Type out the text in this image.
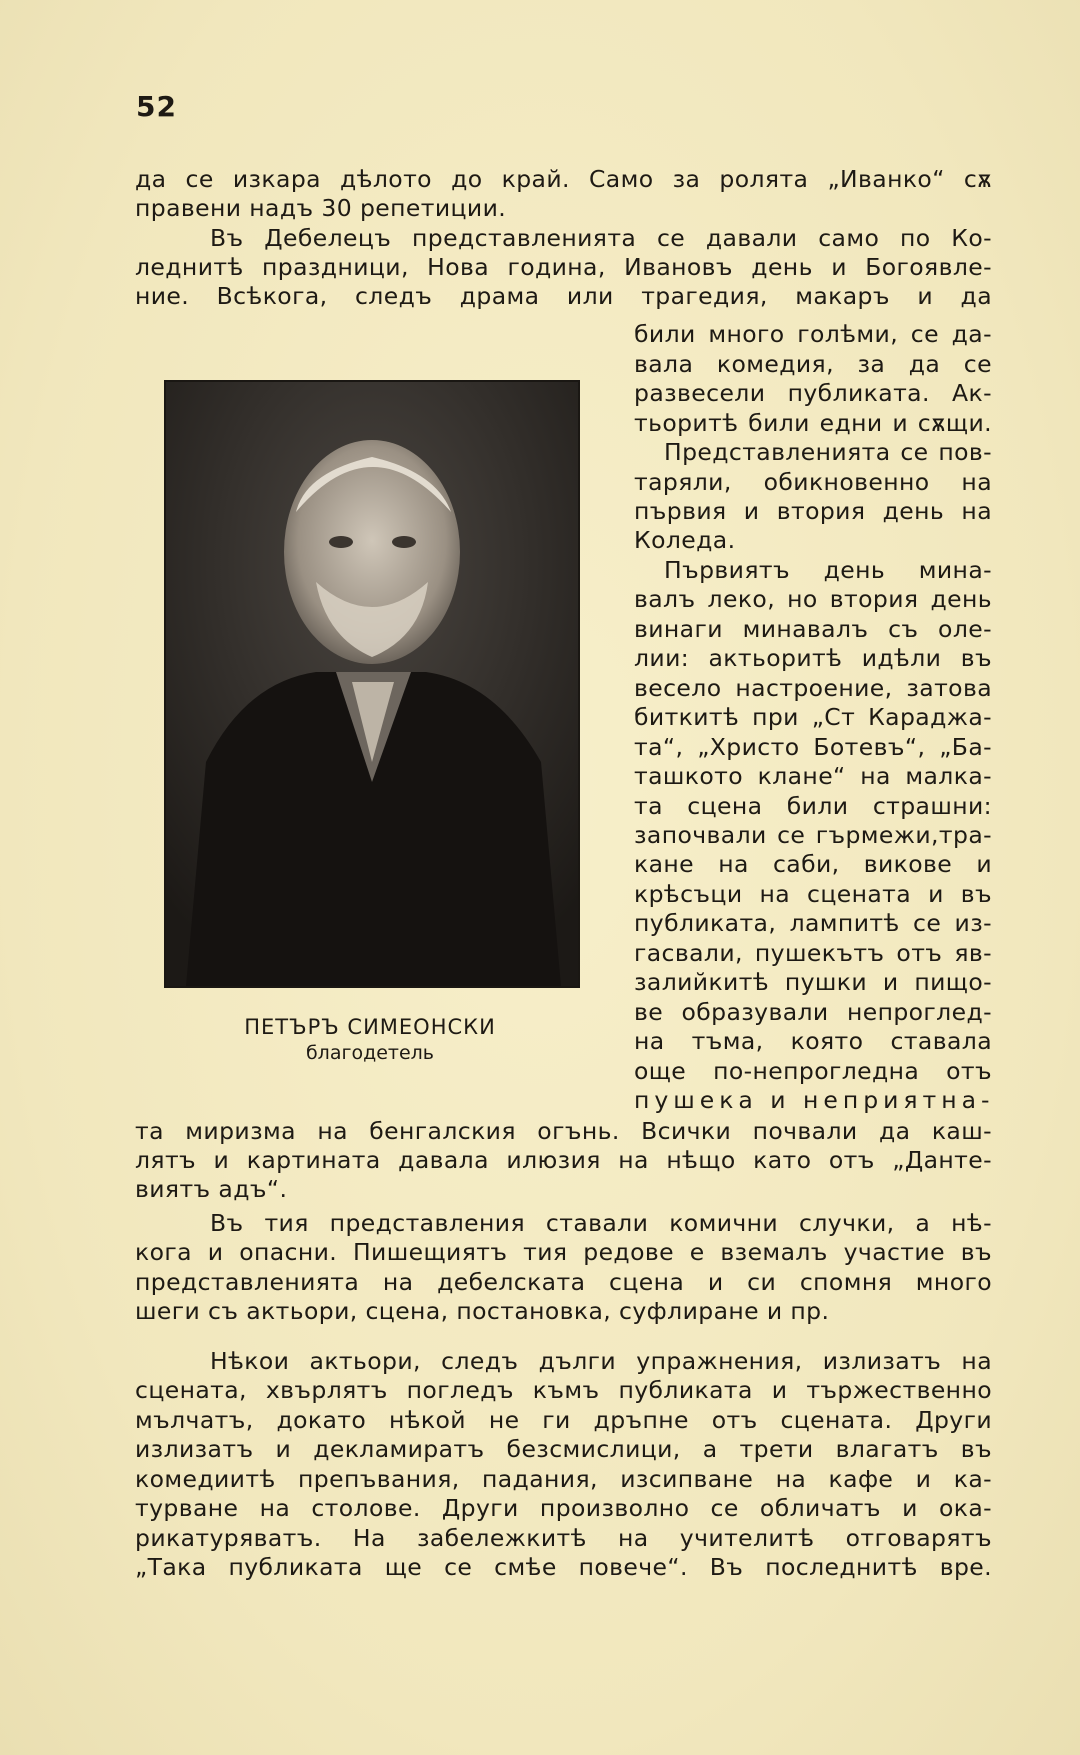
52
да се изкара дѣлото до край. Само за ролята „Иванко“ сѫ
правени надъ 30 репетиции.
Въ Дебелецъ представленията се давали само по Ко-
леднитѣ праздници, Нова година, Ивановъ день и Богоявле-
ние. Всѣкога, следъ драма или трагедия, макаръ и да
били много голѣми, се да-
вала комедия, за да се
развесели публиката. Ак-
тьоритѣ били едни и сѫщи.
Представленията се пов-
таряли, обикновенно на
първия и втория день на
Коледа.
Първиятъ день мина-
валъ леко, но втория день
винаги минавалъ съ оле-
лии: актьоритѣ идѣли въ
весело настроение, затова
биткитѣ при „Ст Караджа-
та“, „Христо Ботевъ“, „Ба-
ташкото клане“ на малка-
та сцена били страшни:
започвали се гърмежи,тра-
кане на саби, викове и
крѣсъци на сцената и въ
публиката, лампитѣ се из-
гасвали, пушекътъ отъ яв-
залийкитѣ пушки и пищо-
ве образували непроглед-
на тъма, която ставала
още по-непрогледна отъ
пушека и неприятна-
та миризма на бенгалския огънь. Всички почвали да каш-
лятъ и картината давала илюзия на нѣщо като отъ „Данте-
виятъ адъ“.
Въ тия представления ставали комични случки, а нѣ-
кога и опасни. Пишещиятъ тия редове е вземалъ участие въ
представленията на дебелската сцена и си спомня много
шеги съ актьори, сцена, постановка, суфлиране и пр.
Нѣкои актьори, следъ дълги упражнения, излизатъ на
сцената, хвърлятъ погледъ къмъ публиката и тържественно
мълчатъ, докато нѣкой не ги дръпне отъ сцената. Други
излизатъ и декламиратъ безсмислици, а трети влагатъ въ
комедиитѣ препъвания, падания, изсипване на кафе и ка-
турване на столове. Други произволно се обличатъ и ока-
рикатуряватъ. На забележкитѣ на учителитѣ отговарятъ
„Така публиката ще се смѣе повече“. Въ последнитѣ вре.
ПЕТЪРЪ СИМЕОНСКИ
благодетель
